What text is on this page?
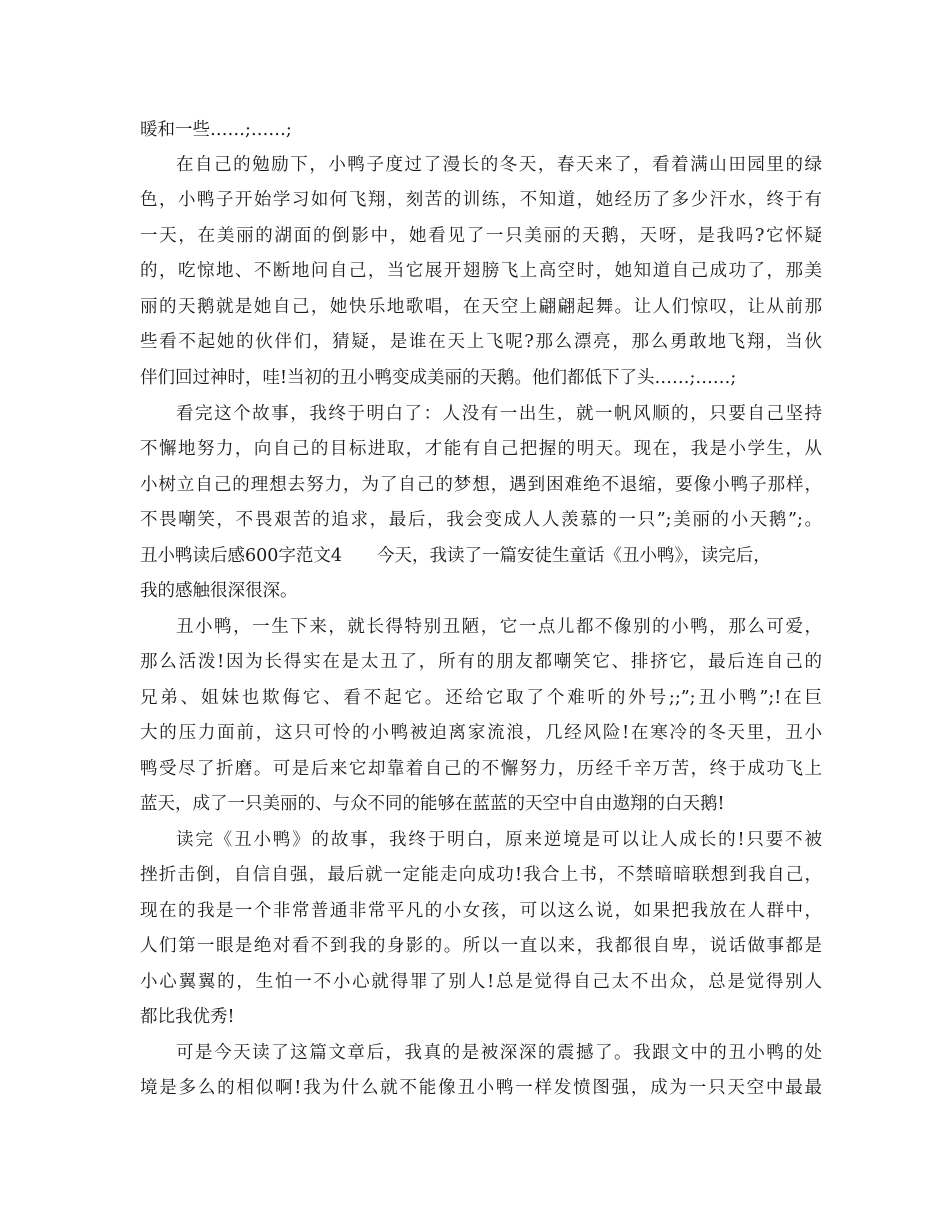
暖和一些……;……;
在自己的勉励下，小鸭子度过了漫长的冬天，春天来了，看着满山田园里的绿
色，小鸭子开始学习如何飞翔，刻苦的训练，不知道，她经历了多少汗水，终于有
一天，在美丽的湖面的倒影中，她看见了一只美丽的天鹅，天呀，是我吗?它怀疑
的，吃惊地、不断地问自己，当它展开翅膀飞上高空时，她知道自己成功了，那美
丽的天鹅就是她自己，她快乐地歌唱，在天空上翩翩起舞。让人们惊叹，让从前那
些看不起她的伙伴们，猜疑，是谁在天上飞呢?那么漂亮，那么勇敢地飞翔，当伙
伴们回过神时，哇!当初的丑小鸭变成美丽的天鹅。他们都低下了头……;……;
看完这个故事，我终于明白了：人没有一出生，就一帆风顺的，只要自己坚持
不懈地努力，向自己的目标进取，才能有自己把握的明天。现在，我是小学生，从
小树立自己的理想去努力，为了自己的梦想，遇到困难绝不退缩，要像小鸭子那样，
不畏嘲笑，不畏艰苦的追求，最后，我会变成人人羡慕的一只”;美丽的小天鹅”;。
丑小鸭读后感600字范文4　　今天，我读了一篇安徒生童话《丑小鸭》，读完后，
我的感触很深很深。
丑小鸭，一生下来，就长得特别丑陋，它一点儿都不像别的小鸭，那么可爱，
那么活泼!因为长得实在是太丑了，所有的朋友都嘲笑它、排挤它，最后连自己的
兄弟、姐妹也欺侮它、看不起它。还给它取了个难听的外号;;”;丑小鸭”;!在巨
大的压力面前，这只可怜的小鸭被迫离家流浪，几经风险!在寒冷的冬天里，丑小
鸭受尽了折磨。可是后来它却靠着自己的不懈努力，历经千辛万苦，终于成功飞上
蓝天，成了一只美丽的、与众不同的能够在蓝蓝的天空中自由遨翔的白天鹅!
读完《丑小鸭》的故事，我终于明白，原来逆境是可以让人成长的!只要不被
挫折击倒，自信自强，最后就一定能走向成功!我合上书，不禁暗暗联想到我自己，
现在的我是一个非常普通非常平凡的小女孩，可以这么说，如果把我放在人群中，
人们第一眼是绝对看不到我的身影的。所以一直以来，我都很自卑，说话做事都是
小心翼翼的，生怕一不小心就得罪了别人!总是觉得自己太不出众，总是觉得别人
都比我优秀!
可是今天读了这篇文章后，我真的是被深深的震撼了。我跟文中的丑小鸭的处
境是多么的相似啊!我为什么就不能像丑小鸭一样发愤图强，成为一只天空中最最
